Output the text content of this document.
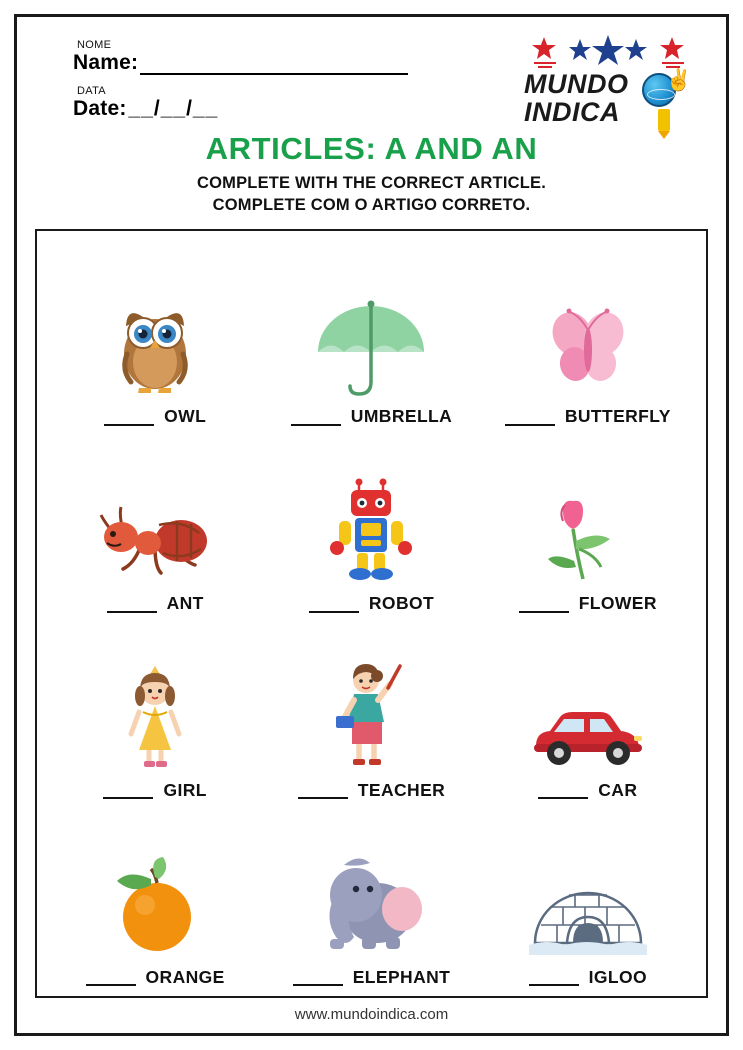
NOME
Name:
DATA
Date: __/__/__
MUNDO
INDICA
✌
ARTICLES: A AND AN
COMPLETE WITH THE CORRECT ARTICLE.
COMPLETE COM O ARTIGO CORRETO.
OWL	UMBRELLA	BUTTERFLY
ANT	ROBOT	FLOWER
GIRL	TEACHER	CAR
ORANGE	ELEPHANT	IGLOO
www.mundoindica.com
